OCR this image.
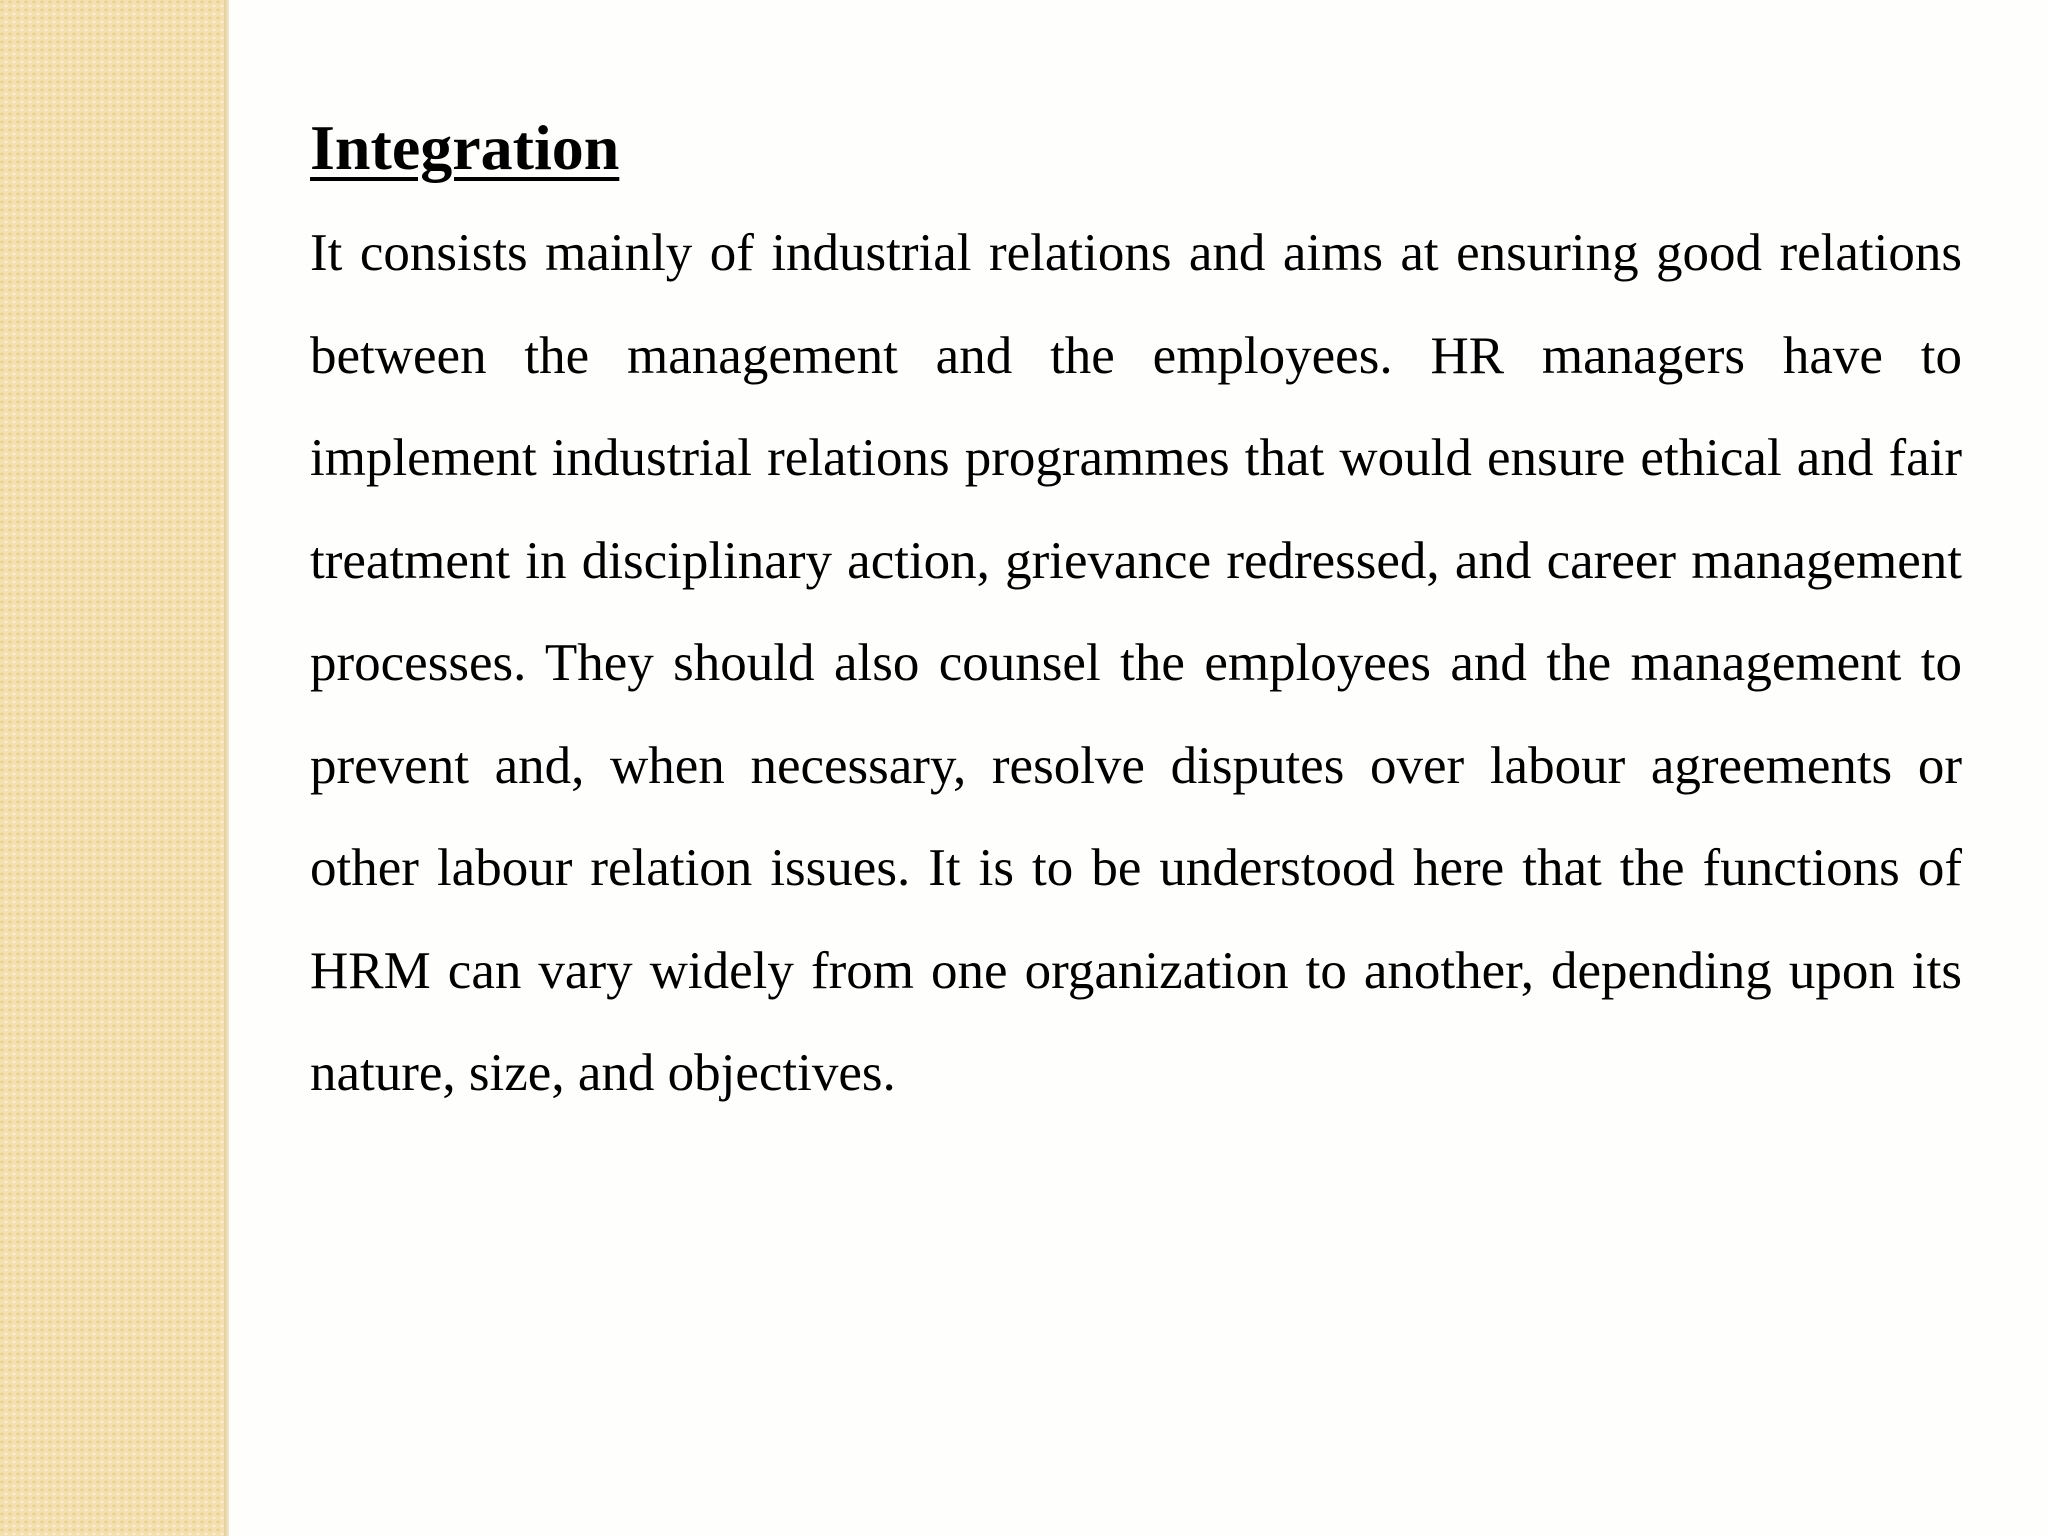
Integration

It consists mainly of industrial relations and aims at ensuring good relations between the management and the employees. HR managers have to implement industrial relations programmes that would ensure ethical and fair treatment in disciplinary action, grievance redressed, and career management processes. They should also counsel the employees and the management to prevent and, when necessary, resolve disputes over labour agreements or other labour relation issues. It is to be understood here that the functions of HRM can vary widely from one organization to another, depending upon its nature, size, and objectives.
